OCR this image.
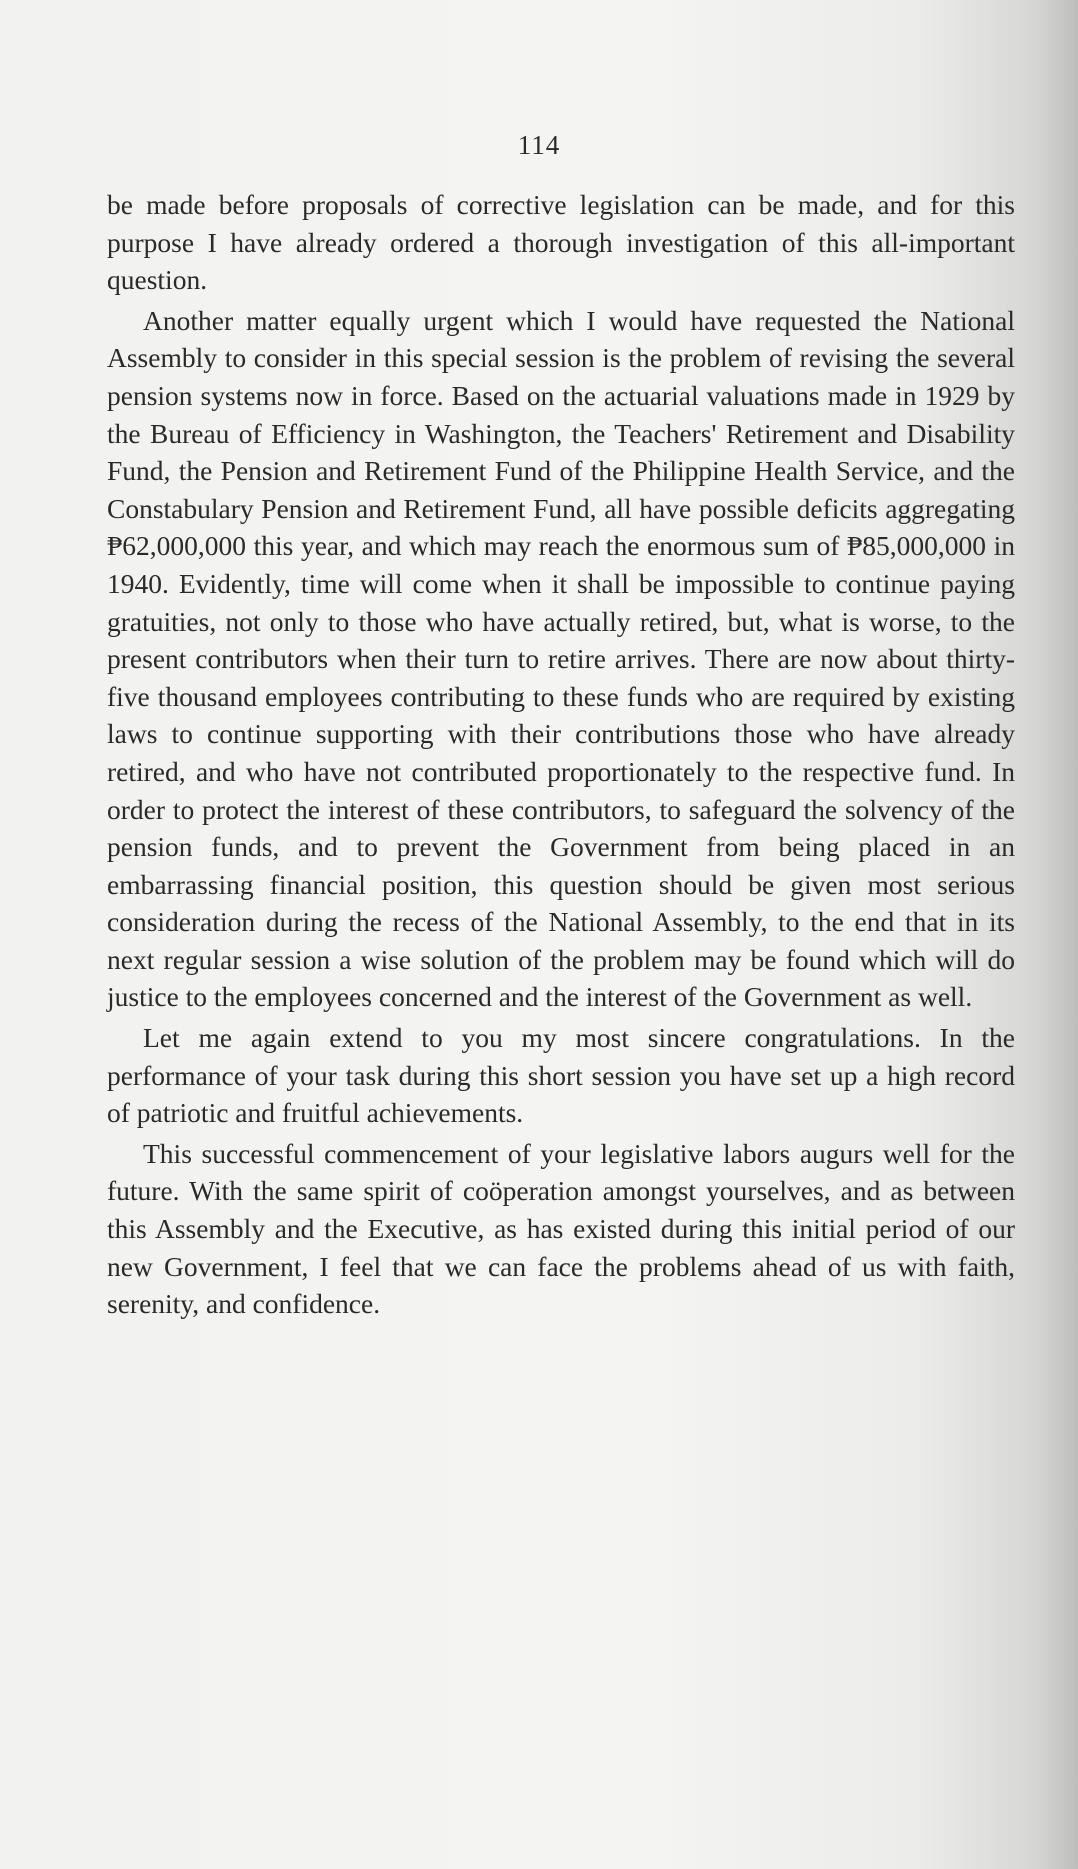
114

be made before proposals of corrective legislation can be made, and for this purpose I have already ordered a thorough investigation of this all-important question.

Another matter equally urgent which I would have requested the National Assembly to consider in this special session is the problem of revising the several pension systems now in force. Based on the actuarial valuations made in 1929 by the Bureau of Efficiency in Washington, the Teachers' Retirement and Disability Fund, the Pension and Retirement Fund of the Philippine Health Service, and the Constabulary Pension and Retirement Fund, all have possible deficits aggregating ₱62,000,000 this year, and which may reach the enormous sum of ₱85,000,000 in 1940. Evidently, time will come when it shall be impossible to continue paying gratuities, not only to those who have actually retired, but, what is worse, to the present contributors when their turn to retire arrives. There are now about thirty-five thousand employees contributing to these funds who are required by existing laws to continue supporting with their contributions those who have already retired, and who have not contributed proportionately to the respective fund. In order to protect the interest of these contributors, to safeguard the solvency of the pension funds, and to prevent the Government from being placed in an embarrassing financial position, this question should be given most serious consideration during the recess of the National Assembly, to the end that in its next regular session a wise solution of the problem may be found which will do justice to the employees concerned and the interest of the Government as well.

Let me again extend to you my most sincere congratulations. In the performance of your task during this short session you have set up a high record of patriotic and fruitful achievements.

This successful commencement of your legislative labors augurs well for the future. With the same spirit of coöperation amongst yourselves, and as between this Assembly and the Executive, as has existed during this initial period of our new Government, I feel that we can face the problems ahead of us with faith, serenity, and confidence.
